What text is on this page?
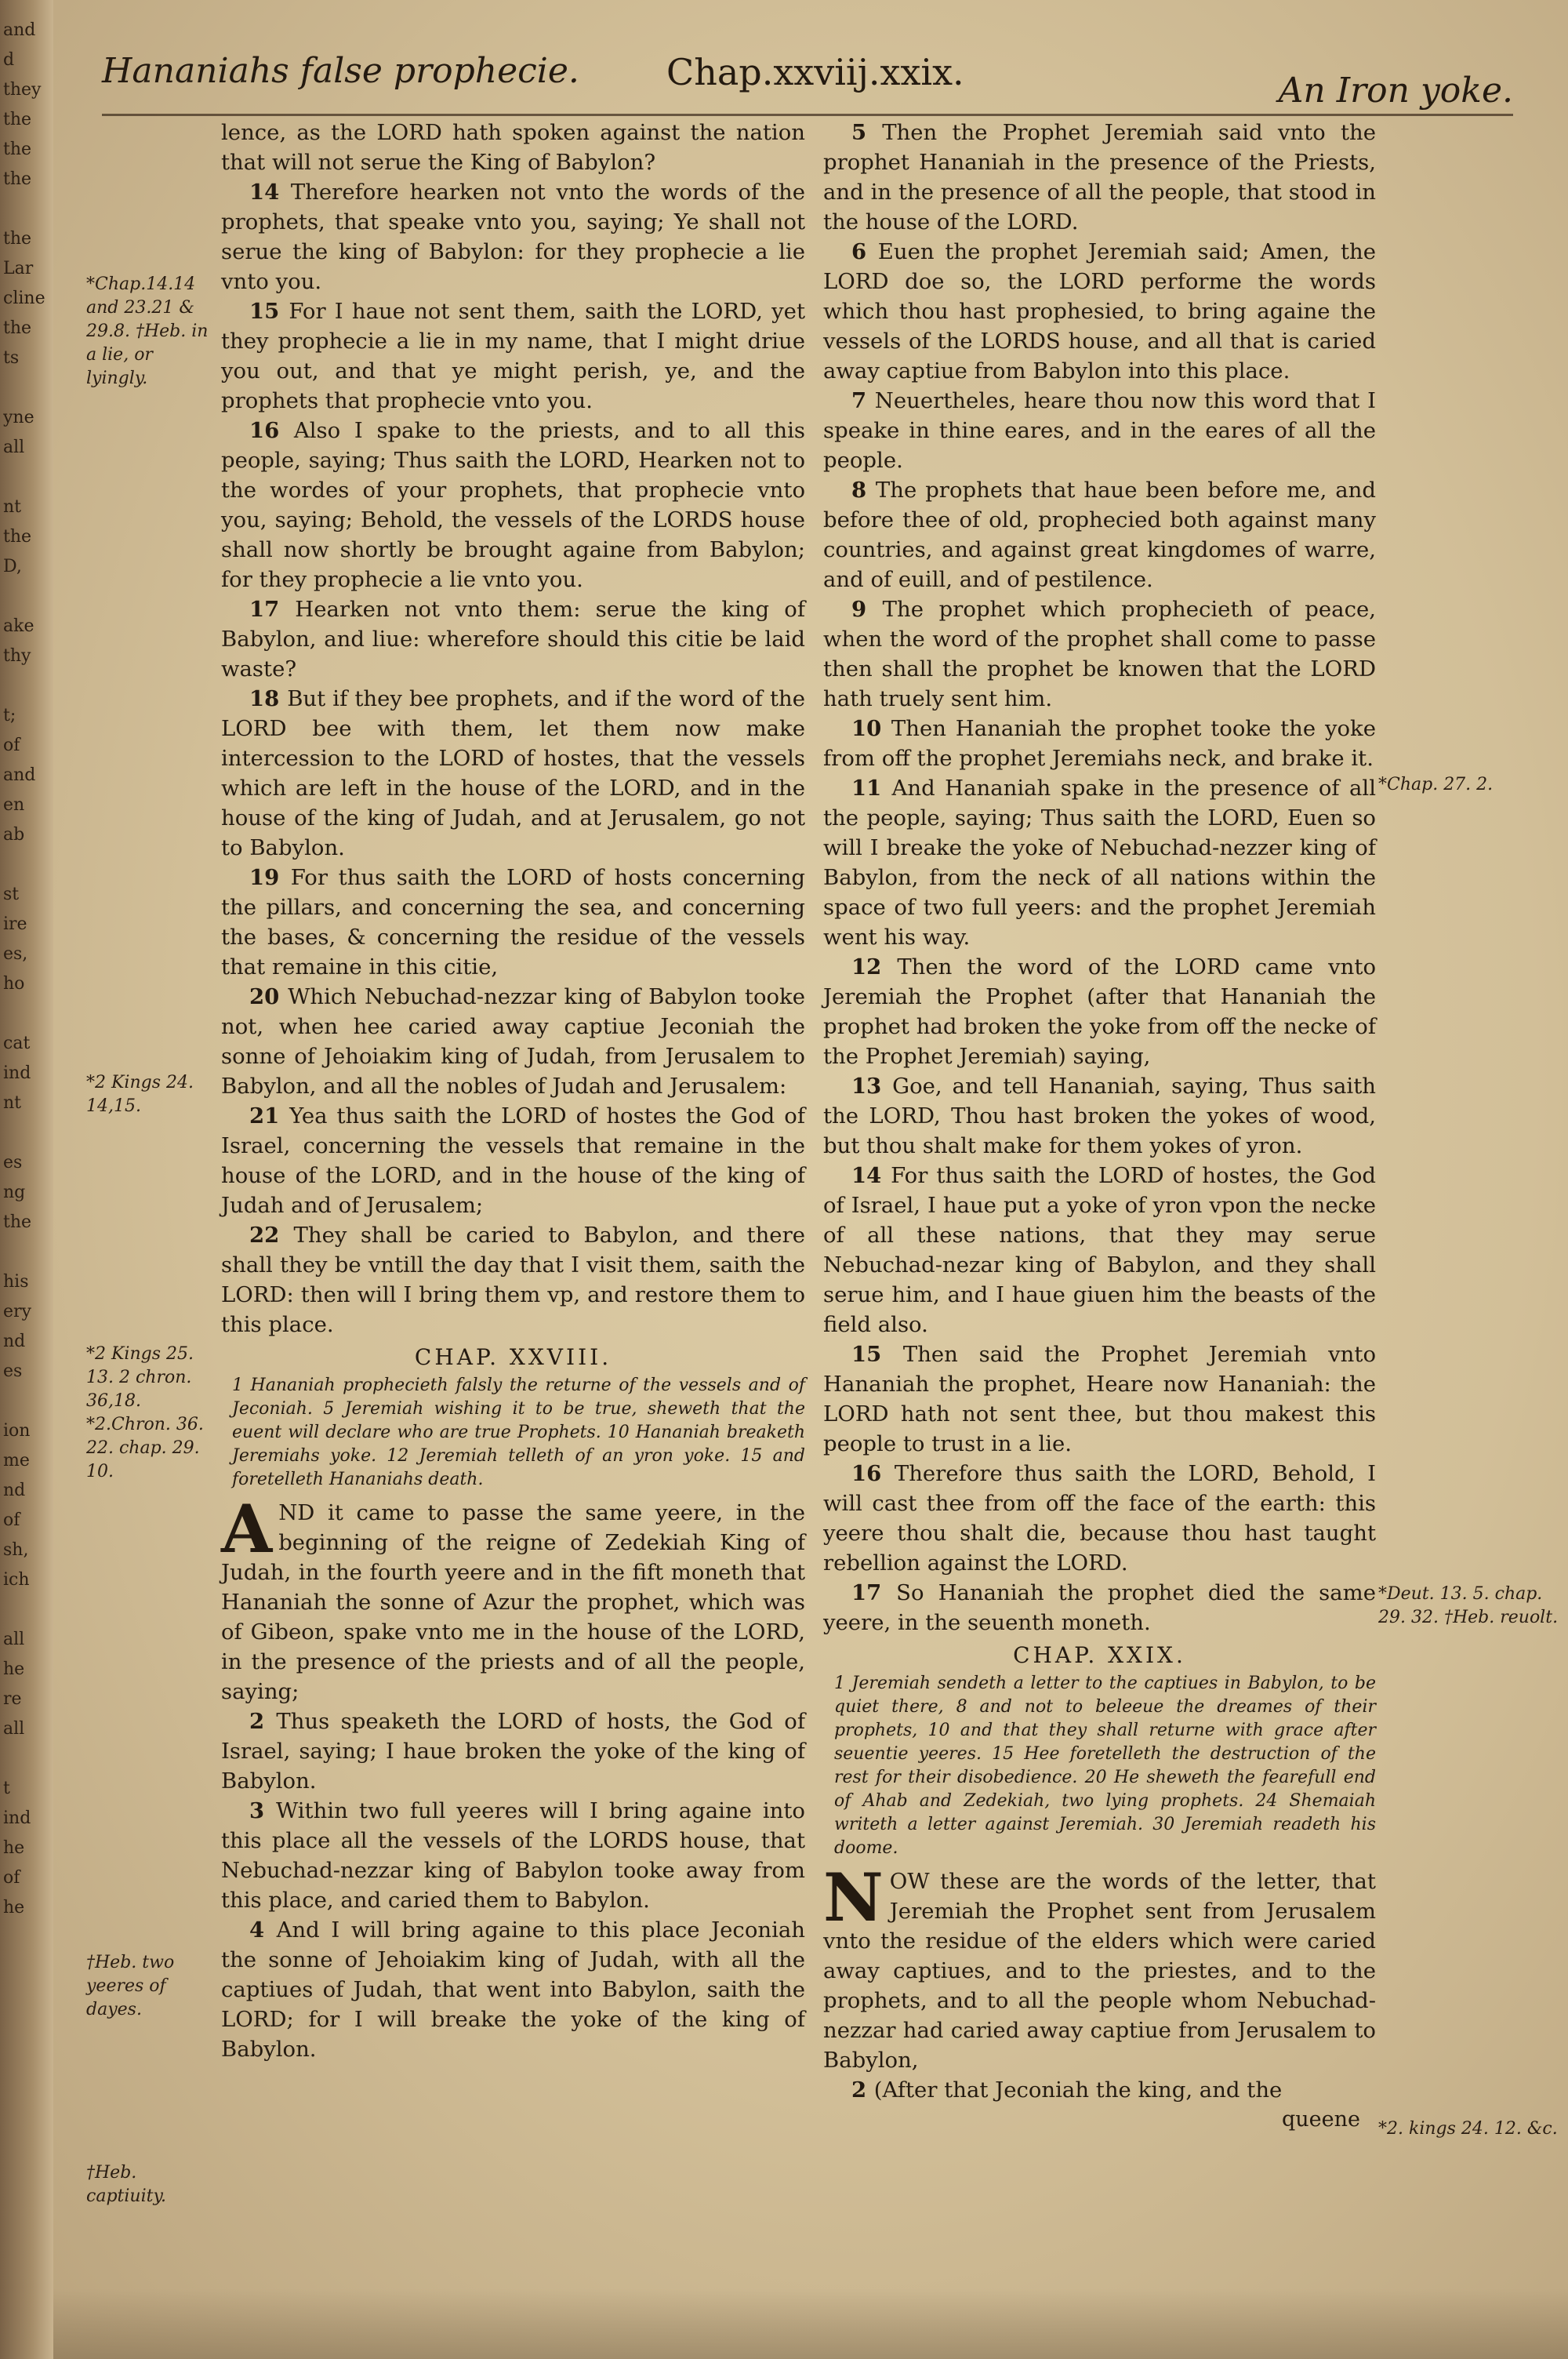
and
d
they
the
the
the

the
Lar
cline
the
ts

yne
all

nt
the
D,

ake
thy

t;
of
and
en
ab

st
ire
es,
ho

cat
ind
nt

es
ng
the

his
ery
nd
es

ion
me
nd
of
sh,
ich

all
he
re
all

t
ind
he
of
he
Hananiahs false prophecie. Chap.xxviij.xxix.	An Iron yoke.

lence, as the LORD hath spoken against the nation that will not serue the King of Babylon?

14 Therefore hearken not vnto the words of the prophets, that speake vnto you, saying; Ye shall not serue the king of Babylon: for they prophecie a lie vnto you.

15 For I haue not sent them, saith the LORD, yet they prophecie a lie in my name, that I might driue you out, and that ye might perish, ye, and the prophets that prophecie vnto you.

16 Also I spake to the priests, and to all this people, saying; Thus saith the LORD, Hearken not to the wordes of your prophets, that prophecie vnto you, saying; Behold, the vessels of the LORDS house shall now shortly be brought againe from Babylon; for they prophecie a lie vnto you.

17 Hearken not vnto them: serue the king of Babylon, and liue: wherefore should this citie be laid waste?

18 But if they bee prophets, and if the word of the LORD bee with them, let them now make intercession to the LORD of hostes, that the vessels which are left in the house of the LORD, and in the house of the king of Judah, and at Jerusalem, go not to Babylon.

19 For thus saith the LORD of hosts concerning the pillars, and concerning the sea, and concerning the bases, & concerning the residue of the vessels that remaine in this citie,

20 Which Nebuchad-nezzar king of Babylon tooke not, when hee caried away captiue Jeconiah the sonne of Jehoiakim king of Judah, from Jerusalem to Babylon, and all the nobles of Judah and Jerusalem:

21 Yea thus saith the LORD of hostes the God of Israel, concerning the vessels that remaine in the house of the LORD, and in the house of the king of Judah and of Jerusalem;

22 They shall be caried to Babylon, and there shall they be vntill the day that I visit them, saith the LORD: then will I bring them vp, and restore them to this place.

CHAP. XXVIII.

1 Hananiah prophecieth falsly the returne of the vessels and of Jeconiah. 5 Jeremiah wishing it to be true, sheweth that the euent will declare who are true Prophets. 10 Hananiah breaketh Jeremiahs yoke. 12 Jeremiah telleth of an yron yoke. 15 and foretelleth Hananiahs death.

AND it came to passe the same yeere, in the beginning of the reigne of Zedekiah King of Judah, in the fourth yeere and in the fift moneth that Hananiah the sonne of Azur the prophet, which was of Gibeon, spake vnto me in the house of the LORD, in the presence of the priests and of all the people, saying;

2 Thus speaketh the LORD of hosts, the God of Israel, saying; I haue broken the yoke of the king of Babylon.

3 Within two full yeeres will I bring againe into this place all the vessels of the LORDS house, that Nebuchad-nezzar king of Babylon tooke away from this place, and caried them to Babylon.

4 And I will bring againe to this place Jeconiah the sonne of Jehoiakim king of Judah, with all the captiues of Judah, that went into Babylon, saith the LORD; for I will breake the yoke of the king of Babylon.

5 Then the Prophet Jeremiah said vnto the prophet Hananiah in the presence of the Priests, and in the presence of all the people, that stood in the house of the LORD.

6 Euen the prophet Jeremiah said; Amen, the LORD doe so, the LORD performe the words which thou hast prophesied, to bring againe the vessels of the LORDS house, and all that is caried away captiue from Babylon into this place.

7 Neuertheles, heare thou now this word that I speake in thine eares, and in the eares of all the people.

8 The prophets that haue been before me, and before thee of old, prophecied both against many countries, and against great kingdomes of warre, and of euill, and of pestilence.

9 The prophet which prophecieth of peace, when the word of the prophet shall come to passe then shall the prophet be knowen that the LORD hath truely sent him.

10 Then Hananiah the prophet tooke the yoke from off the prophet Jeremiahs neck, and brake it.

11 And Hananiah spake in the presence of all the people, saying; Thus saith the LORD, Euen so will I breake the yoke of Nebuchad-nezzer king of Babylon, from the neck of all nations within the space of two full yeers: and the prophet Jeremiah went his way.

12 Then the word of the LORD came vnto Jeremiah the Prophet (after that Hananiah the prophet had broken the yoke from off the necke of the Prophet Jeremiah) saying,

13 Goe, and tell Hananiah, saying, Thus saith the LORD, Thou hast broken the yokes of wood, but thou shalt make for them yokes of yron.

14 For thus saith the LORD of hostes, the God of Israel, I haue put a yoke of yron vpon the necke of all these nations, that they may serue Nebuchad-nezar king of Babylon, and they shall serue him, and I haue giuen him the beasts of the field also.

15 Then said the Prophet Jeremiah vnto Hananiah the prophet, Heare now Hananiah: the LORD hath not sent thee, but thou makest this people to trust in a lie.

16 Therefore thus saith the LORD, Behold, I will cast thee from off the face of the earth: this yeere thou shalt die, because thou hast taught rebellion against the LORD.

17 So Hananiah the prophet died the same yeere, in the seuenth moneth.

CHAP. XXIX.

1 Jeremiah sendeth a letter to the captiues in Babylon, to be quiet there, 8 and not to beleeue the dreames of their prophets, 10 and that they shall returne with grace after seuentie yeeres. 15 Hee foretelleth the destruction of the rest for their disobedience. 20 He sheweth the fearefull end of Ahab and Zedekiah, two lying prophets. 24 Shemaiah writeth a letter against Jeremiah. 30 Jeremiah readeth his doome.

NOW these are the words of the letter, that Jeremiah the Prophet sent from Jerusalem vnto the residue of the elders which were caried away captiues, and to the priestes, and to the prophets, and to all the people whom Nebuchad-nezzar had caried away captiue from Jerusalem to Babylon,

2 (After that Jeconiah the king, and the

queene
*Chap.14.14 and 23.21 & 29.8. †Heb. in a lie, or lyingly.
*2 Kings 24. 14,15.
*2 Kings 25. 13. 2 chron. 36,18. *2.Chron. 36. 22. chap. 29. 10.
†Heb. two yeeres of dayes.
†Heb. captiuity.
*Chap. 27. 2.
*Deut. 13. 5. chap. 29. 32. †Heb. reuolt.
*2. kings 24. 12. &c.
